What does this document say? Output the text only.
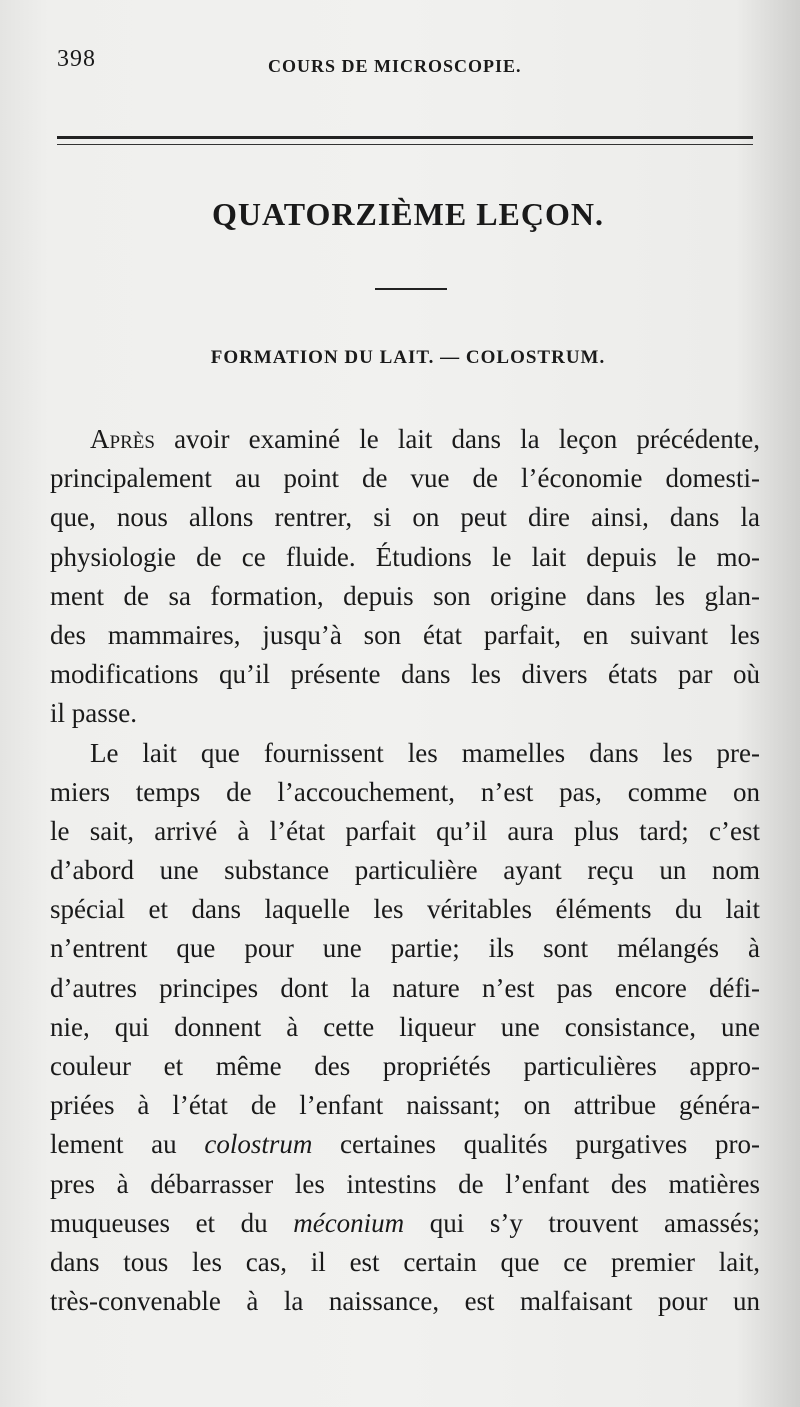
398	COURS DE MICROSCOPIE.
QUATORZIÈME LEÇON.
FORMATION DU LAIT. — COLOSTRUM.
Après avoir examiné le lait dans la leçon précédente,
principalement au point de vue de l’économie domesti-
que, nous allons rentrer, si on peut dire ainsi, dans la
physiologie de ce fluide. Étudions le lait depuis le mo-
ment de sa formation, depuis son origine dans les glan-
des mammaires, jusqu’à son état parfait, en suivant les
modifications qu’il présente dans les divers états par où
il passe.
Le lait que fournissent les mamelles dans les pre-
miers temps de l’accouchement, n’est pas, comme on
le sait, arrivé à l’état parfait qu’il aura plus tard; c’est
d’abord une substance particulière ayant reçu un nom
spécial et dans laquelle les véritables éléments du lait
n’entrent que pour une partie; ils sont mélangés à
d’autres principes dont la nature n’est pas encore défi-
nie, qui donnent à cette liqueur une consistance, une
couleur et même des propriétés particulières appro-
priées à l’état de l’enfant naissant; on attribue généra-
lement au colostrum certaines qualités purgatives pro-
pres à débarrasser les intestins de l’enfant des matières
muqueuses et du méconium qui s’y trouvent amassés;
dans tous les cas, il est certain que ce premier lait,
très-convenable à la naissance, est malfaisant pour un
